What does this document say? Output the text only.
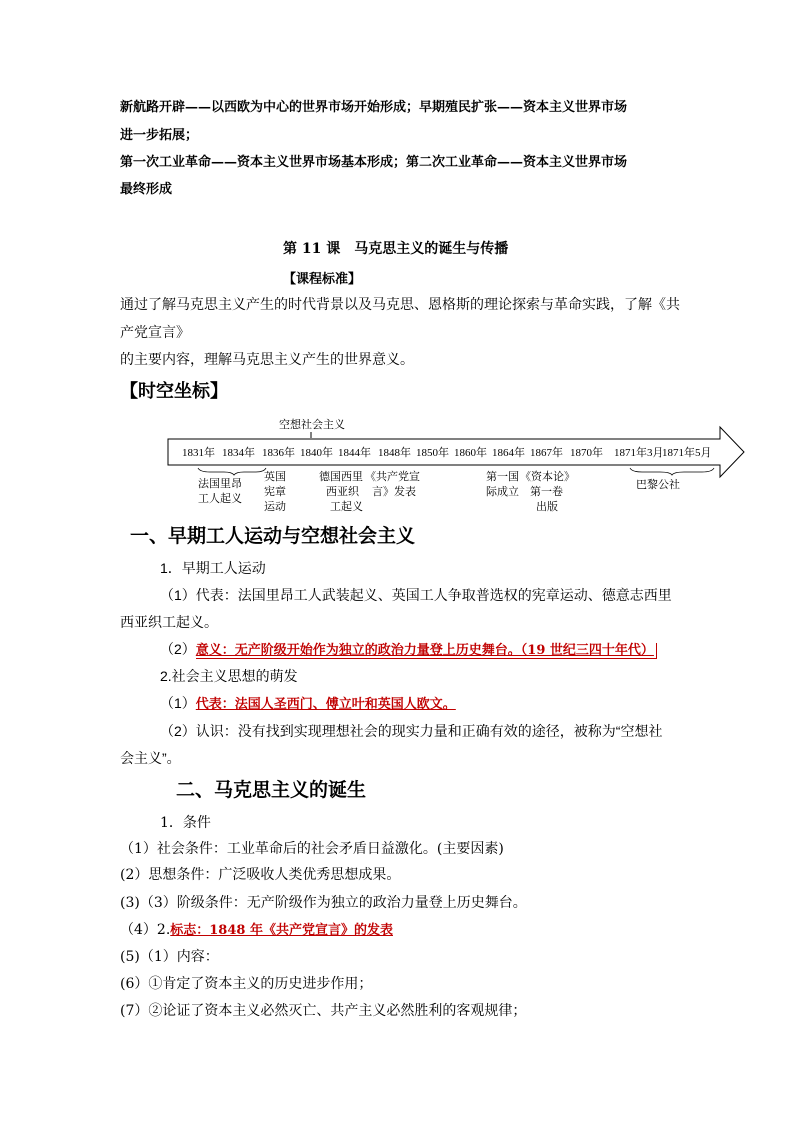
新航路开辟——以西欧为中心的世界市场开始形成；早期殖民扩张——资本主义世界市场
进一步拓展；
第一次工业革命——资本主义世界市场基本形成；第二次工业革命——资本主义世界市场
最终形成
第 11 课　马克思主义的诞生与传播
【课程标准】
通过了解马克思主义产生的时代背景以及马克思、恩格斯的理论探索与革命实践，了解《共
产党宣言》
的主要内容，理解马克思主义产生的世界意义。
【时空坐标】
空想社会主义
1831年 1834年 1836年 1840年 1844年 1848年 1850年 1860年 1864年 1867年 1870年 1871年3月
1871年5月
法国里昂
工人起义
英国
宪章
运动
德国西里
西亚织
工起义
《共产党宣
言》发表
第一国
际成立
《资本论》
第一卷
出版
巴黎公社
一、早期工人运动与空想社会主义
1．早期工人运动
（1）代表：法国里昂工人武装起义、英国工人争取普选权的宪章运动、德意志西里
西亚织工起义。
（2）意义：无产阶级开始作为独立的政治力量登上历史舞台。（19 世纪三四十年代）
2.社会主义思想的萌发
（1）代表：法国人圣西门、傅立叶和英国人欧文。
（2）认识：没有找到实现理想社会的现实力量和正确有效的途径，被称为“空想社
会主义”。
二、马克思主义的诞生
1．条件
（1）社会条件：工业革命后的社会矛盾日益激化。(主要因素)
(2）思想条件：广泛吸收人类优秀思想成果。
(3)（3）阶级条件：无产阶级作为独立的政治力量登上历史舞台。
（4）2.标志：1848 年《共产党宣言》的发表
(5)（1）内容：
(6）①肯定了资本主义的历史进步作用；
(7）②论证了资本主义必然灭亡、共产主义必然胜利的客观规律；
